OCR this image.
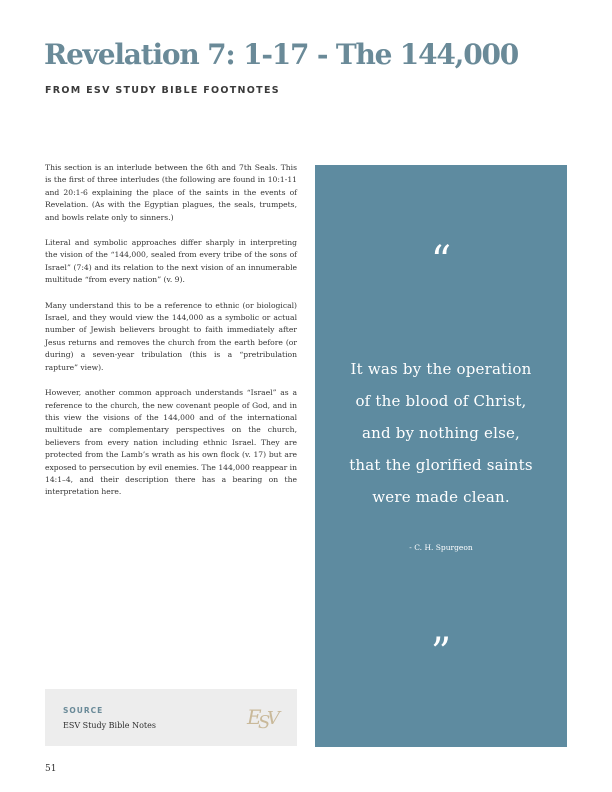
Revelation 7: 1-17 - The 144,000
FROM ESV STUDY BIBLE FOOTNOTES

This section is an interlude between the 6th and 7th Seals. This is the first of three interludes (the following are found in 10:1-11 and 20:1-6 explaining the place of the saints in the events of Revelation. (As with the Egyptian plagues, the seals, trumpets, and bowls relate only to sinners.)

Literal and symbolic approaches differ sharply in interpreting the vision of the “144,000, sealed from every tribe of the sons of Israel” (7:4) and its relation to the next vision of an innumerable multitude “from every nation” (v. 9).

Many understand this to be a reference to ethnic (or biological) Israel, and they would view the 144,000 as a symbolic or actual number of Jewish believers brought to faith immediately after Jesus returns and removes the church from the earth before (or during) a seven-year tribulation (this is a “pretribulation rapture” view).

However, another common approach understands “Israel” as a reference to the church, the new covenant people of God, and in this view the visions of the 144,000 and of the international multitude are complementary perspectives on the church, believers from every nation including ethnic Israel. They are protected from the Lamb’s wrath as his own flock (v. 17) but are exposed to persecution by evil enemies. The 144,000 reappear in 14:1–4, and their description there has a bearing on the interpretation here.

SOURCE
ESV Study Bible Notes	E
S
V
51
“
It was by the operation
of the blood of Christ,
and by nothing else,
that the glorified saints
were made clean.
- C. H. Spurgeon
”
